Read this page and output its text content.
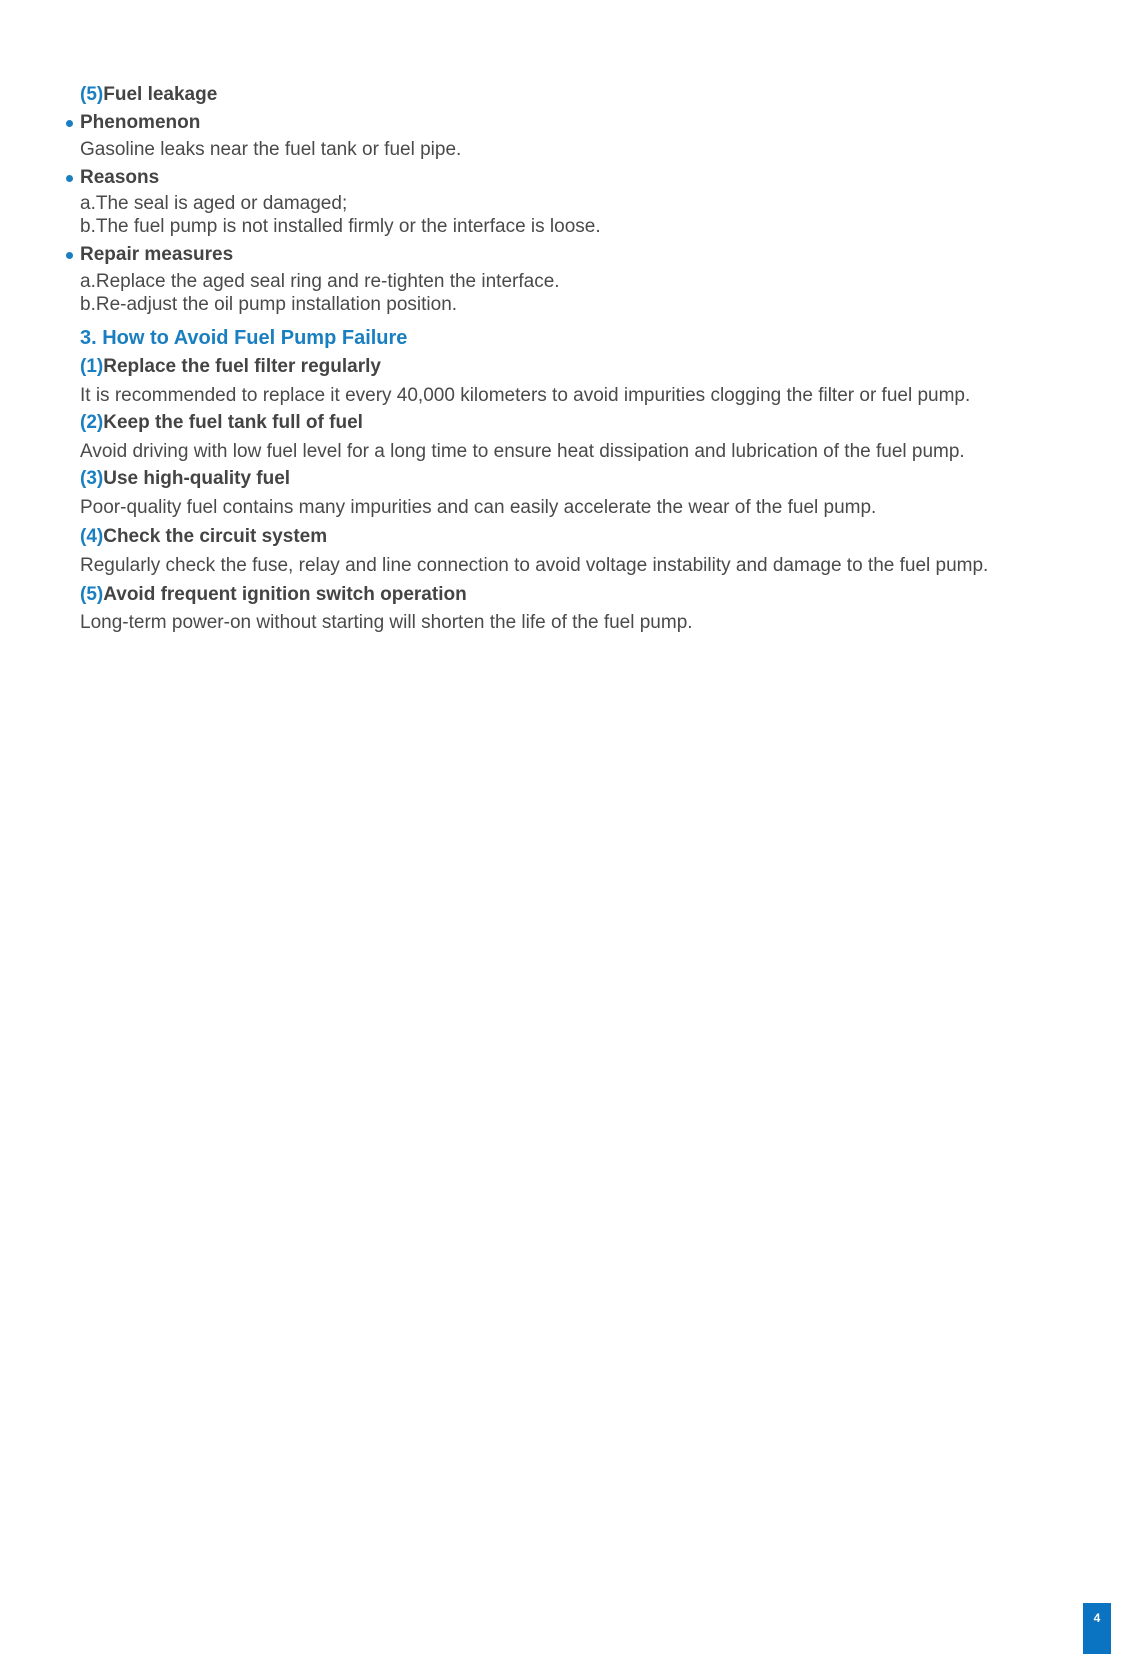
(5)Fuel leakage
Phenomenon
Gasoline leaks near the fuel tank or fuel pipe.
Reasons
a.The seal is aged or damaged;
b.The fuel pump is not installed firmly or the interface is loose.
Repair measures
a.Replace the aged seal ring and re-tighten the interface.
b.Re-adjust the oil pump installation position.
3. How to Avoid Fuel Pump Failure
(1)Replace the fuel filter regularly
It is recommended to replace it every 40,000 kilometers to avoid impurities clogging the filter or fuel pump.
(2)Keep the fuel tank full of fuel
Avoid driving with low fuel level for a long time to ensure heat dissipation and lubrication of the fuel pump.
(3)Use high-quality fuel
Poor-quality fuel contains many impurities and can easily accelerate the wear of the fuel pump.
(4)Check the circuit system
Regularly check the fuse, relay and line connection to avoid voltage instability and damage to the fuel pump.
(5)Avoid frequent ignition switch operation
Long-term power-on without starting will shorten the life of the fuel pump.
4
